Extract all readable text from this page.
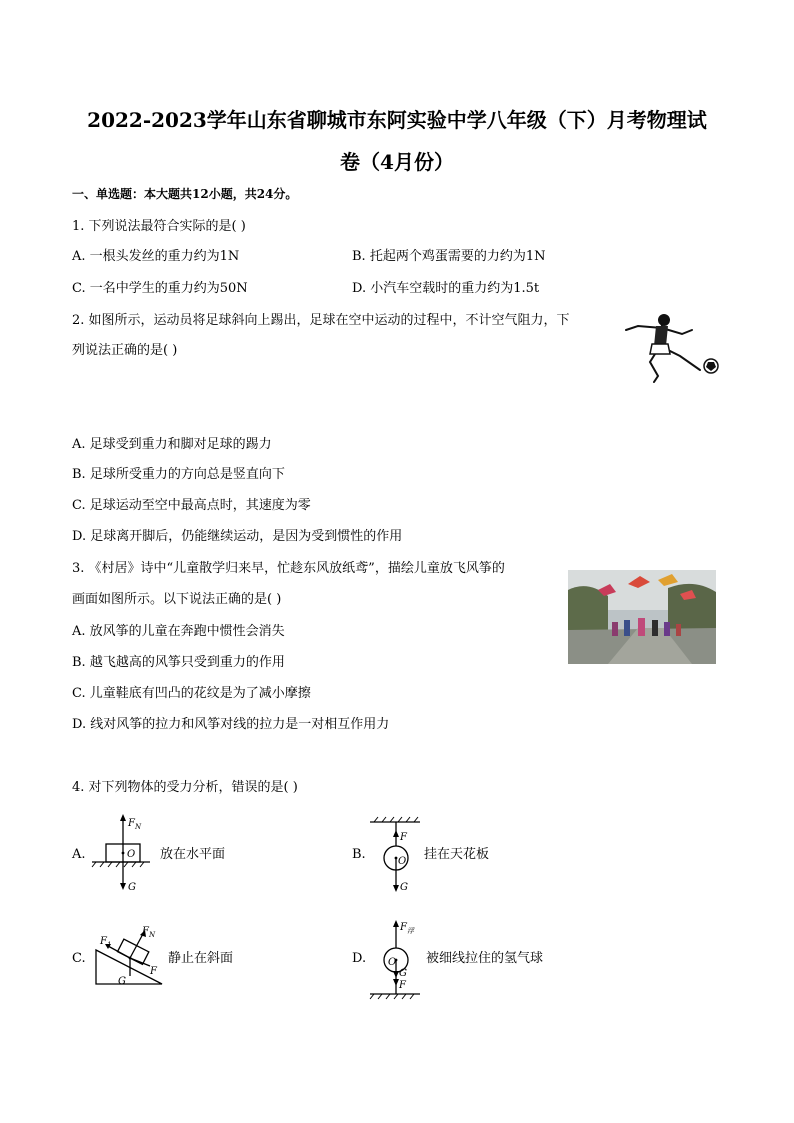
2022-2023学年山东省聊城市东阿实验中学八年级（下）月考物理试
卷（4月份）
一、单选题：本大题共12小题，共24分。
1. 下列说法最符合实际的是( )
A. 一根头发丝的重力约为1N	B. 托起两个鸡蛋需要的力约为1N
C. 一名中学生的重力约为50N	D. 小汽车空载时的重力约为1.5t
2. 如图所示，运动员将足球斜向上踢出，足球在空中运动的过程中，不计空气阻力，下
列说法正确的是( )
A. 足球受到重力和脚对足球的踢力
B. 足球所受重力的方向总是竖直向下
C. 足球运动至空中最高点时，其速度为零
D. 足球离开脚后，仍能继续运动，是因为受到惯性的作用
3. 《村居》诗中“儿童散学归来早，忙趁东风放纸鸢”，描绘儿童放飞风筝的
画面如图所示。以下说法正确的是( )
A. 放风筝的儿童在奔跑中惯性会消失
B. 越飞越高的风筝只受到重力的作用
C. 儿童鞋底有凹凸的花纹是为了减小摩擦
D. 线对风筝的拉力和风筝对线的拉力是一对相互作用力
4. 对下列物体的受力分析，错误的是( )
A.
$F_N$
O
G
放在水平面	B.
F
O
G
挂在天花板
C.
$F_N$
$F_1$
G
F
静止在斜面	D.
$F_浮$
O
G
F
被细线拉住的氢气球
